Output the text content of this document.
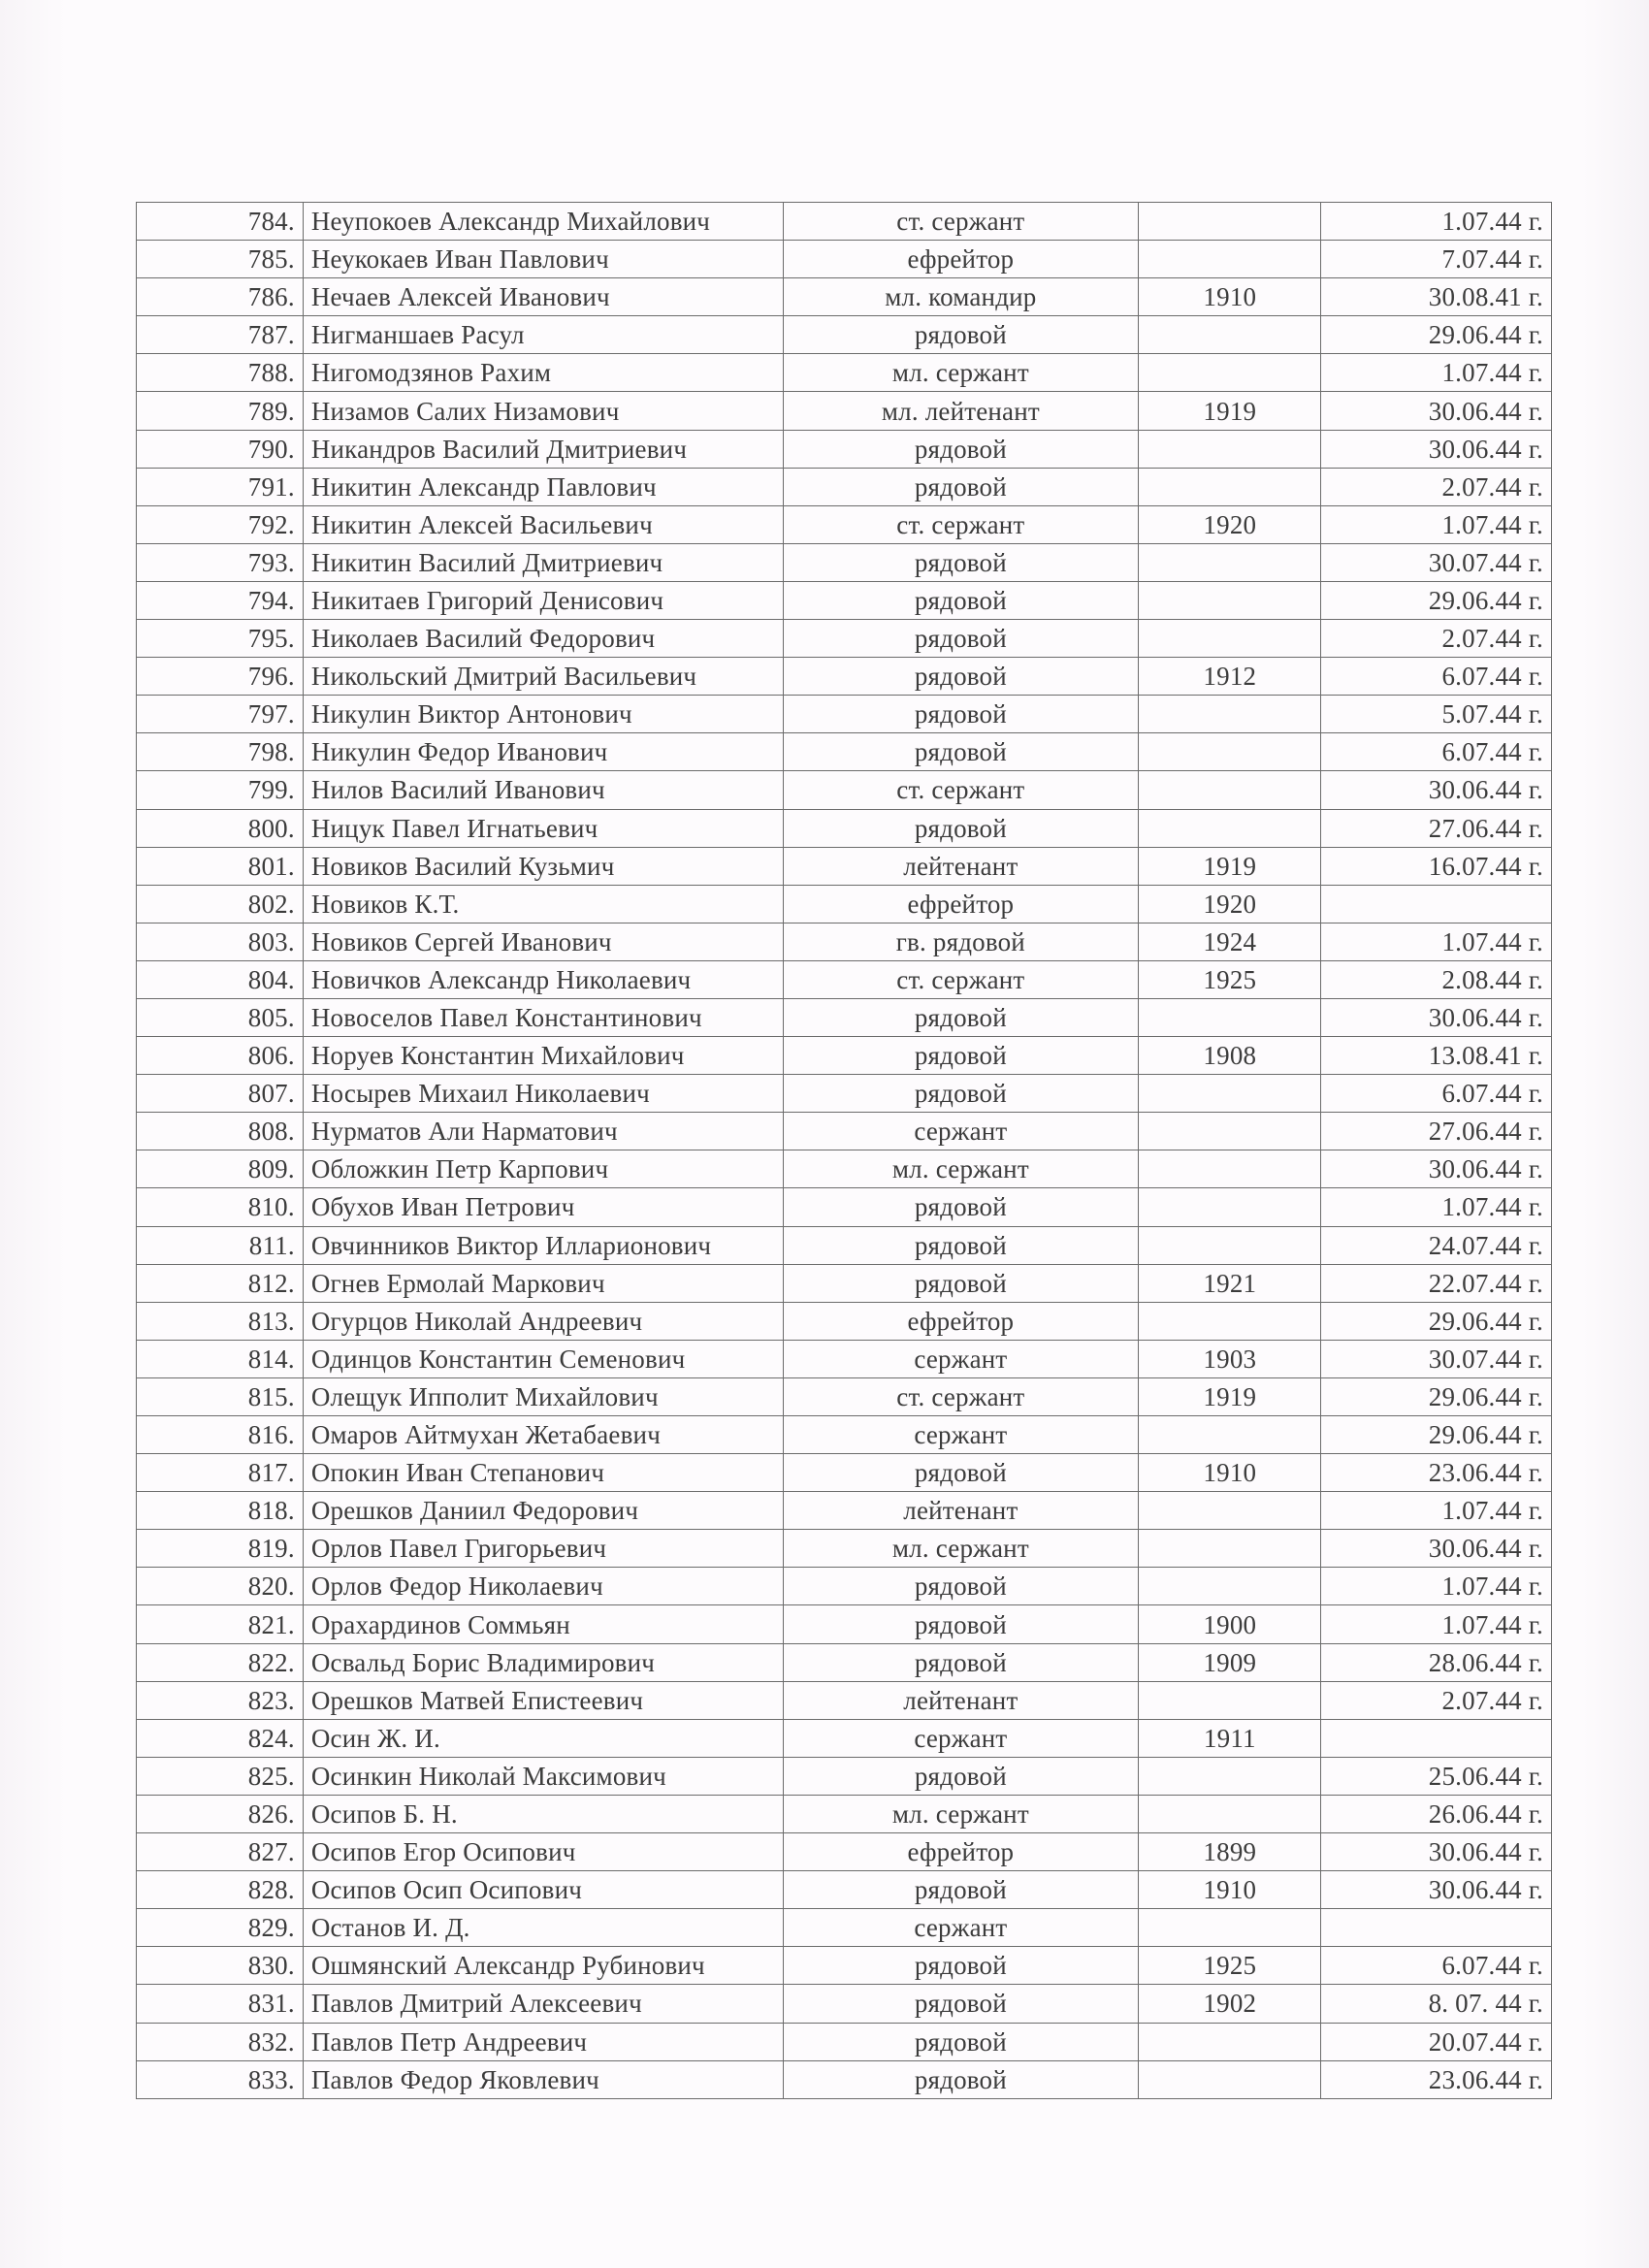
784.	Неупокоев Александр Михайлович	ст. сержант		1.07.44 г.
785.	Неукокаев Иван Павлович	ефрейтор		7.07.44 г.
786.	Нечаев Алексей Иванович	мл. командир	1910	30.08.41 г.
787.	Нигманшаев Расул	рядовой		29.06.44 г.
788.	Нигомодзянов Рахим	мл. сержант		1.07.44 г.
789.	Низамов Салих Низамович	мл. лейтенант	1919	30.06.44 г.
790.	Никандров Василий Дмитриевич	рядовой		30.06.44 г.
791.	Никитин Александр Павлович	рядовой		2.07.44 г.
792.	Никитин Алексей Васильевич	ст. сержант	1920	1.07.44 г.
793.	Никитин Василий Дмитриевич	рядовой		30.07.44 г.
794.	Никитаев Григорий Денисович	рядовой		29.06.44 г.
795.	Николаев Василий Федорович	рядовой		2.07.44 г.
796.	Никольский Дмитрий Васильевич	рядовой	1912	6.07.44 г.
797.	Никулин Виктор Антонович	рядовой		5.07.44 г.
798.	Никулин Федор Иванович	рядовой		6.07.44 г.
799.	Нилов Василий Иванович	ст. сержант		30.06.44 г.
800.	Ницук Павел Игнатьевич	рядовой		27.06.44 г.
801.	Новиков Василий Кузьмич	лейтенант	1919	16.07.44 г.
802.	Новиков К.Т.	ефрейтор	1920	
803.	Новиков Сергей Иванович	гв. рядовой	1924	1.07.44 г.
804.	Новичков Александр Николаевич	ст. сержант	1925	2.08.44 г.
805.	Новоселов Павел Константинович	рядовой		30.06.44 г.
806.	Норуев Константин Михайлович	рядовой	1908	13.08.41 г.
807.	Носырев Михаил Николаевич	рядовой		6.07.44 г.
808.	Нурматов Али Нарматович	сержант		27.06.44 г.
809.	Обложкин Петр Карпович	мл. сержант		30.06.44 г.
810.	Обухов Иван Петрович	рядовой		1.07.44 г.
811.	Овчинников Виктор Илларионович	рядовой		24.07.44 г.
812.	Огнев Ермолай Маркович	рядовой	1921	22.07.44 г.
813.	Огурцов Николай Андреевич	ефрейтор		29.06.44 г.
814.	Одинцов Константин Семенович	сержант	1903	30.07.44 г.
815.	Олещук Ипполит Михайлович	ст. сержант	1919	29.06.44 г.
816.	Омаров Айтмухан Жетабаевич	сержант		29.06.44 г.
817.	Опокин Иван Степанович	рядовой	1910	23.06.44 г.
818.	Орешков Даниил Федорович	лейтенант		1.07.44 г.
819.	Орлов Павел Григорьевич	мл. сержант		30.06.44 г.
820.	Орлов Федор Николаевич	рядовой		1.07.44 г.
821.	Орахардинов Соммьян	рядовой	1900	1.07.44 г.
822.	Освальд Борис Владимирович	рядовой	1909	28.06.44 г.
823.	Орешков Матвей Епистеевич	лейтенант		2.07.44 г.
824.	Осин Ж. И.	сержант	1911	
825.	Осинкин Николай Максимович	рядовой		25.06.44 г.
826.	Осипов Б. Н.	мл. сержант		26.06.44 г.
827.	Осипов Егор Осипович	ефрейтор	1899	30.06.44 г.
828.	Осипов Осип Осипович	рядовой	1910	30.06.44 г.
829.	Останов И. Д.	сержант		
830.	Ошмянский Александр Рубинович	рядовой	1925	6.07.44 г.
831.	Павлов Дмитрий Алексеевич	рядовой	1902	8. 07. 44 г.
832.	Павлов Петр Андреевич	рядовой		20.07.44 г.
833.	Павлов Федор Яковлевич	рядовой		23.06.44 г.
